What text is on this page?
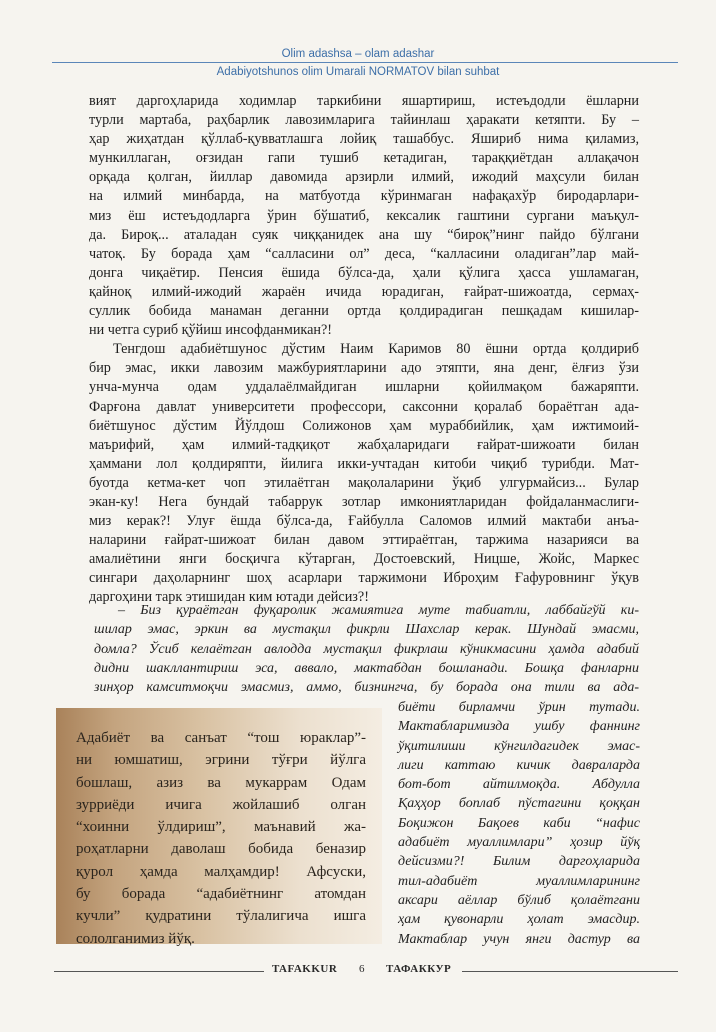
Olim adashsa – olam adashar
Adabiyotshunos olim Umarali NORMATOV bilan suhbat

вият даргоҳларида ходимлар таркибини яшартириш, истеъдодли ёшларни

турли мартаба, раҳбарлик лавозимларига тайинлаш ҳаракати кетяпти. Бу –

ҳар жиҳатдан қўллаб-қувватлашга лойиқ ташаббус. Яшириб нима қиламиз,

мункиллаган, оғзидан гапи тушиб кетадиган, тараққиётдан аллақачон

орқада қолган, йиллар давомида арзирли илмий, ижодий маҳсули билан

на илмий минбарда, на матбуотда кўринмаган нафақахўр бирoдарлари-

миз ёш истеъдодларга ўрин бўшатиб, кексалик гаштини сургани маъқул-

да. Бироқ... аталадан суяк чиққанидек ана шу “бироқ”нинг пайдо бўлгани

чатоқ. Бу борада ҳам “салласини ол” деса, “калласини оладиган”лар май-

донга чиқаётир. Пенсия ёшида бўлса-да, ҳали қўлига ҳасса ушламаган,

қайноқ илмий-ижодий жараён ичида юрадиган, ғайрат-шижоатда, сермаҳ-

суллик бобида манаман деганни ортда қолдирадиган пешқадам кишилар-

ни четга суриб қўйиш инсофданмикан?!

Тенгдош адабиётшунос дўстим Наим Каримов 80 ёшни ортда қолдириб

бир эмас, икки лавозим мажбуриятларини адо этяпти, яна денг, ёлғиз ўзи

унча-мунча одам уддалаёлмайдиган ишларни қойилмақом бажаряпти.

Фарғона давлат университети профессори, саксонни қоралаб бораётган ада-

биётшунос дўстим Йўлдош Солижонов ҳам мураббийлик, ҳам ижтимоий-

маърифий, ҳам илмий-тадқиқот жабҳаларидаги ғайрат-шижоати билан

ҳаммани лол қолдиряпти, йилига икки-учтадан китоби чиқиб турибди. Мат-

буотда кетма-кет чоп этилаётган мақолаларини ўқиб улгурмайсиз... Булар

экан-ку! Нега бундай табаррук зотлар имкониятларидан фойдаланмаслиги-

миз керак?! Улуғ ёшда бўлса-да, Ғайбулла Саломов илмий мактаби анъа-

наларини ғайрат-шижоат билан давом эттираётган, таржима назарияси ва

амалиётини янги босқичга кўтарган, Достоевский, Ницше, Жойс, Маркес

сингари даҳоларнинг шоҳ асарлари таржимони Иброҳим Ғафуровнинг ўқув

даргоҳини тарк этишидан ким ютади дейсиз?!

– Биз қураётган фуқаролик жамиятига муте табиатли, лаббайгўй ки-

шилар эмас, эркин ва мустақил фикрли Шахслар керак. Шундай эмасми,

домла? Ўсиб келаётган авлодда мустақил фикрлаш кўникмасини ҳамда адабий

дидни шакллантириш эса, аввало, мактабдан бошланади. Бошқа фанларни

зинҳор камситмоқчи эмасмиз, аммо, бизнингча, бу борада она тили ва ада-

биёти бирламчи ўрин тутади.

Мактабларимизда ушбу фаннинг

ўқитилиши кўнгилдагидек эмас-

лиги каттаю кичик давраларда

бот-бот айтилмоқда. Абдулла

Қаҳҳор боплаб пўстагини қоққан

Боқижон Бақоев каби “нафис

адабиёт муаллимлари” ҳозир йўқ

дейсизми?! Билим даргоҳларида

тил-адабиёт муаллимларининг

аксари аёллар бўлиб қолаётгани

ҳам қувонарли ҳолат эмасдир.

Мактаблар учун янги дастур ва

Адабиёт ва санъат “тош юраклар”-

ни юмшатиш, эгрини тўғри йўлга

бошлаш, азиз ва мукаррам Одам

зурриёди ичига жойлашиб олган

“хоинни ўлдириш”, маънавий жа-

роҳатларни даволаш бобида беназир

қурол ҳамда малҳамдир! Афсуски,

бу борада “адабиётнинг атомдан

кучли” қудратини тўлалигича ишга

сололганимиз йўқ.

TAFAKKUR 6 ТАФАККУР
